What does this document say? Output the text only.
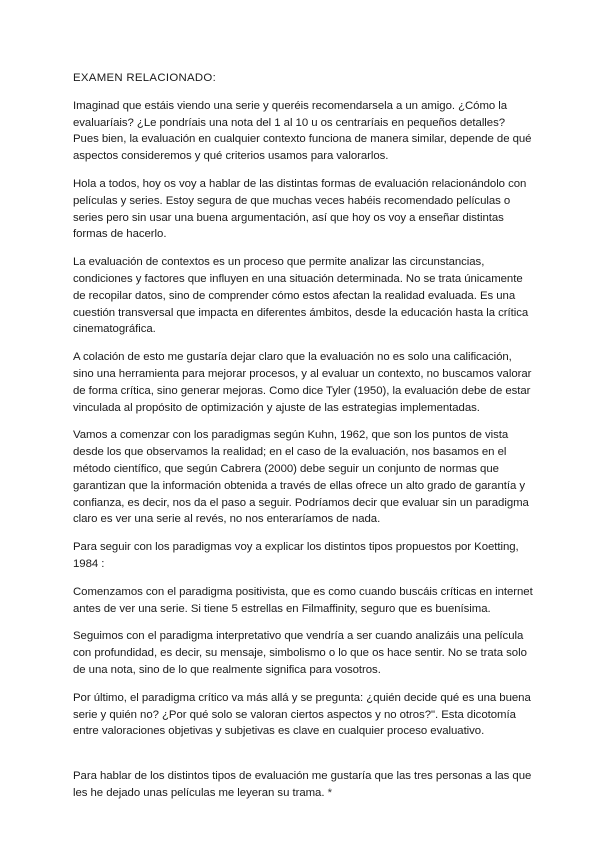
EXAMEN RELACIONADO:

Imaginad que estáis viendo una serie y queréis recomendarsela a un amigo. ¿Cómo la evaluaríais? ¿Le pondríais una nota del 1 al 10 u os centraríais en pequeños detalles? Pues bien, la evaluación en cualquier contexto funciona de manera similar, depende de qué aspectos consideremos y qué criterios usamos para valorarlos.

Hola a todos, hoy os voy a hablar de las distintas formas de evaluación relacionándolo con películas y series. Estoy segura de que muchas veces habéis recomendado películas o series pero sin usar una buena argumentación, así que hoy os voy a enseñar distintas formas de hacerlo.

La evaluación de contextos es un proceso que permite analizar las circunstancias, condiciones y factores que influyen en una situación determinada. No se trata únicamente de recopilar datos, sino de comprender cómo estos afectan la realidad evaluada. Es una cuestión transversal que impacta en diferentes ámbitos, desde la educación hasta la crítica cinematográfica.

A colación de esto me gustaría dejar claro que la evaluación no es solo una calificación, sino una herramienta para mejorar procesos, y al evaluar un contexto, no buscamos valorar de forma crítica, sino generar mejoras. Como dice Tyler (1950), la evaluación debe de estar vinculada al propósito de optimización y ajuste de las estrategias implementadas.

Vamos a comenzar con los paradigmas según Kuhn, 1962, que son los puntos de vista desde los que observamos la realidad; en el caso de la evaluación, nos basamos en el método científico, que según Cabrera (2000) debe seguir un conjunto de normas que garantizan que la información obtenida a través de ellas ofrece un alto grado de garantía y confianza, es decir, nos da el paso a seguir. Podríamos decir que evaluar sin un paradigma claro es ver una serie al revés, no nos enteraríamos de nada.

Para seguir con los paradigmas voy a explicar los distintos tipos propuestos por Koetting, 1984 :

Comenzamos con el paradigma positivista, que es como cuando buscáis críticas en internet antes de ver una serie. Si tiene 5 estrellas en Filmaffinity, seguro que es buenísima.

Seguimos con el paradigma interpretativo que vendría a ser cuando analizáis una película con profundidad, es decir, su mensaje, simbolismo o lo que os hace sentir. No se trata solo de una nota, sino de lo que realmente significa para vosotros.

Por último, el paradigma crítico va más allá y se pregunta: ¿quién decide qué es una buena serie y quién no? ¿Por qué solo se valoran ciertos aspectos y no otros?". Esta dicotomía entre valoraciones objetivas y subjetivas es clave en cualquier proceso evaluativo.

Para hablar de los distintos tipos de evaluación me gustaría que las tres personas a las que les he dejado unas películas me leyeran su trama. *
